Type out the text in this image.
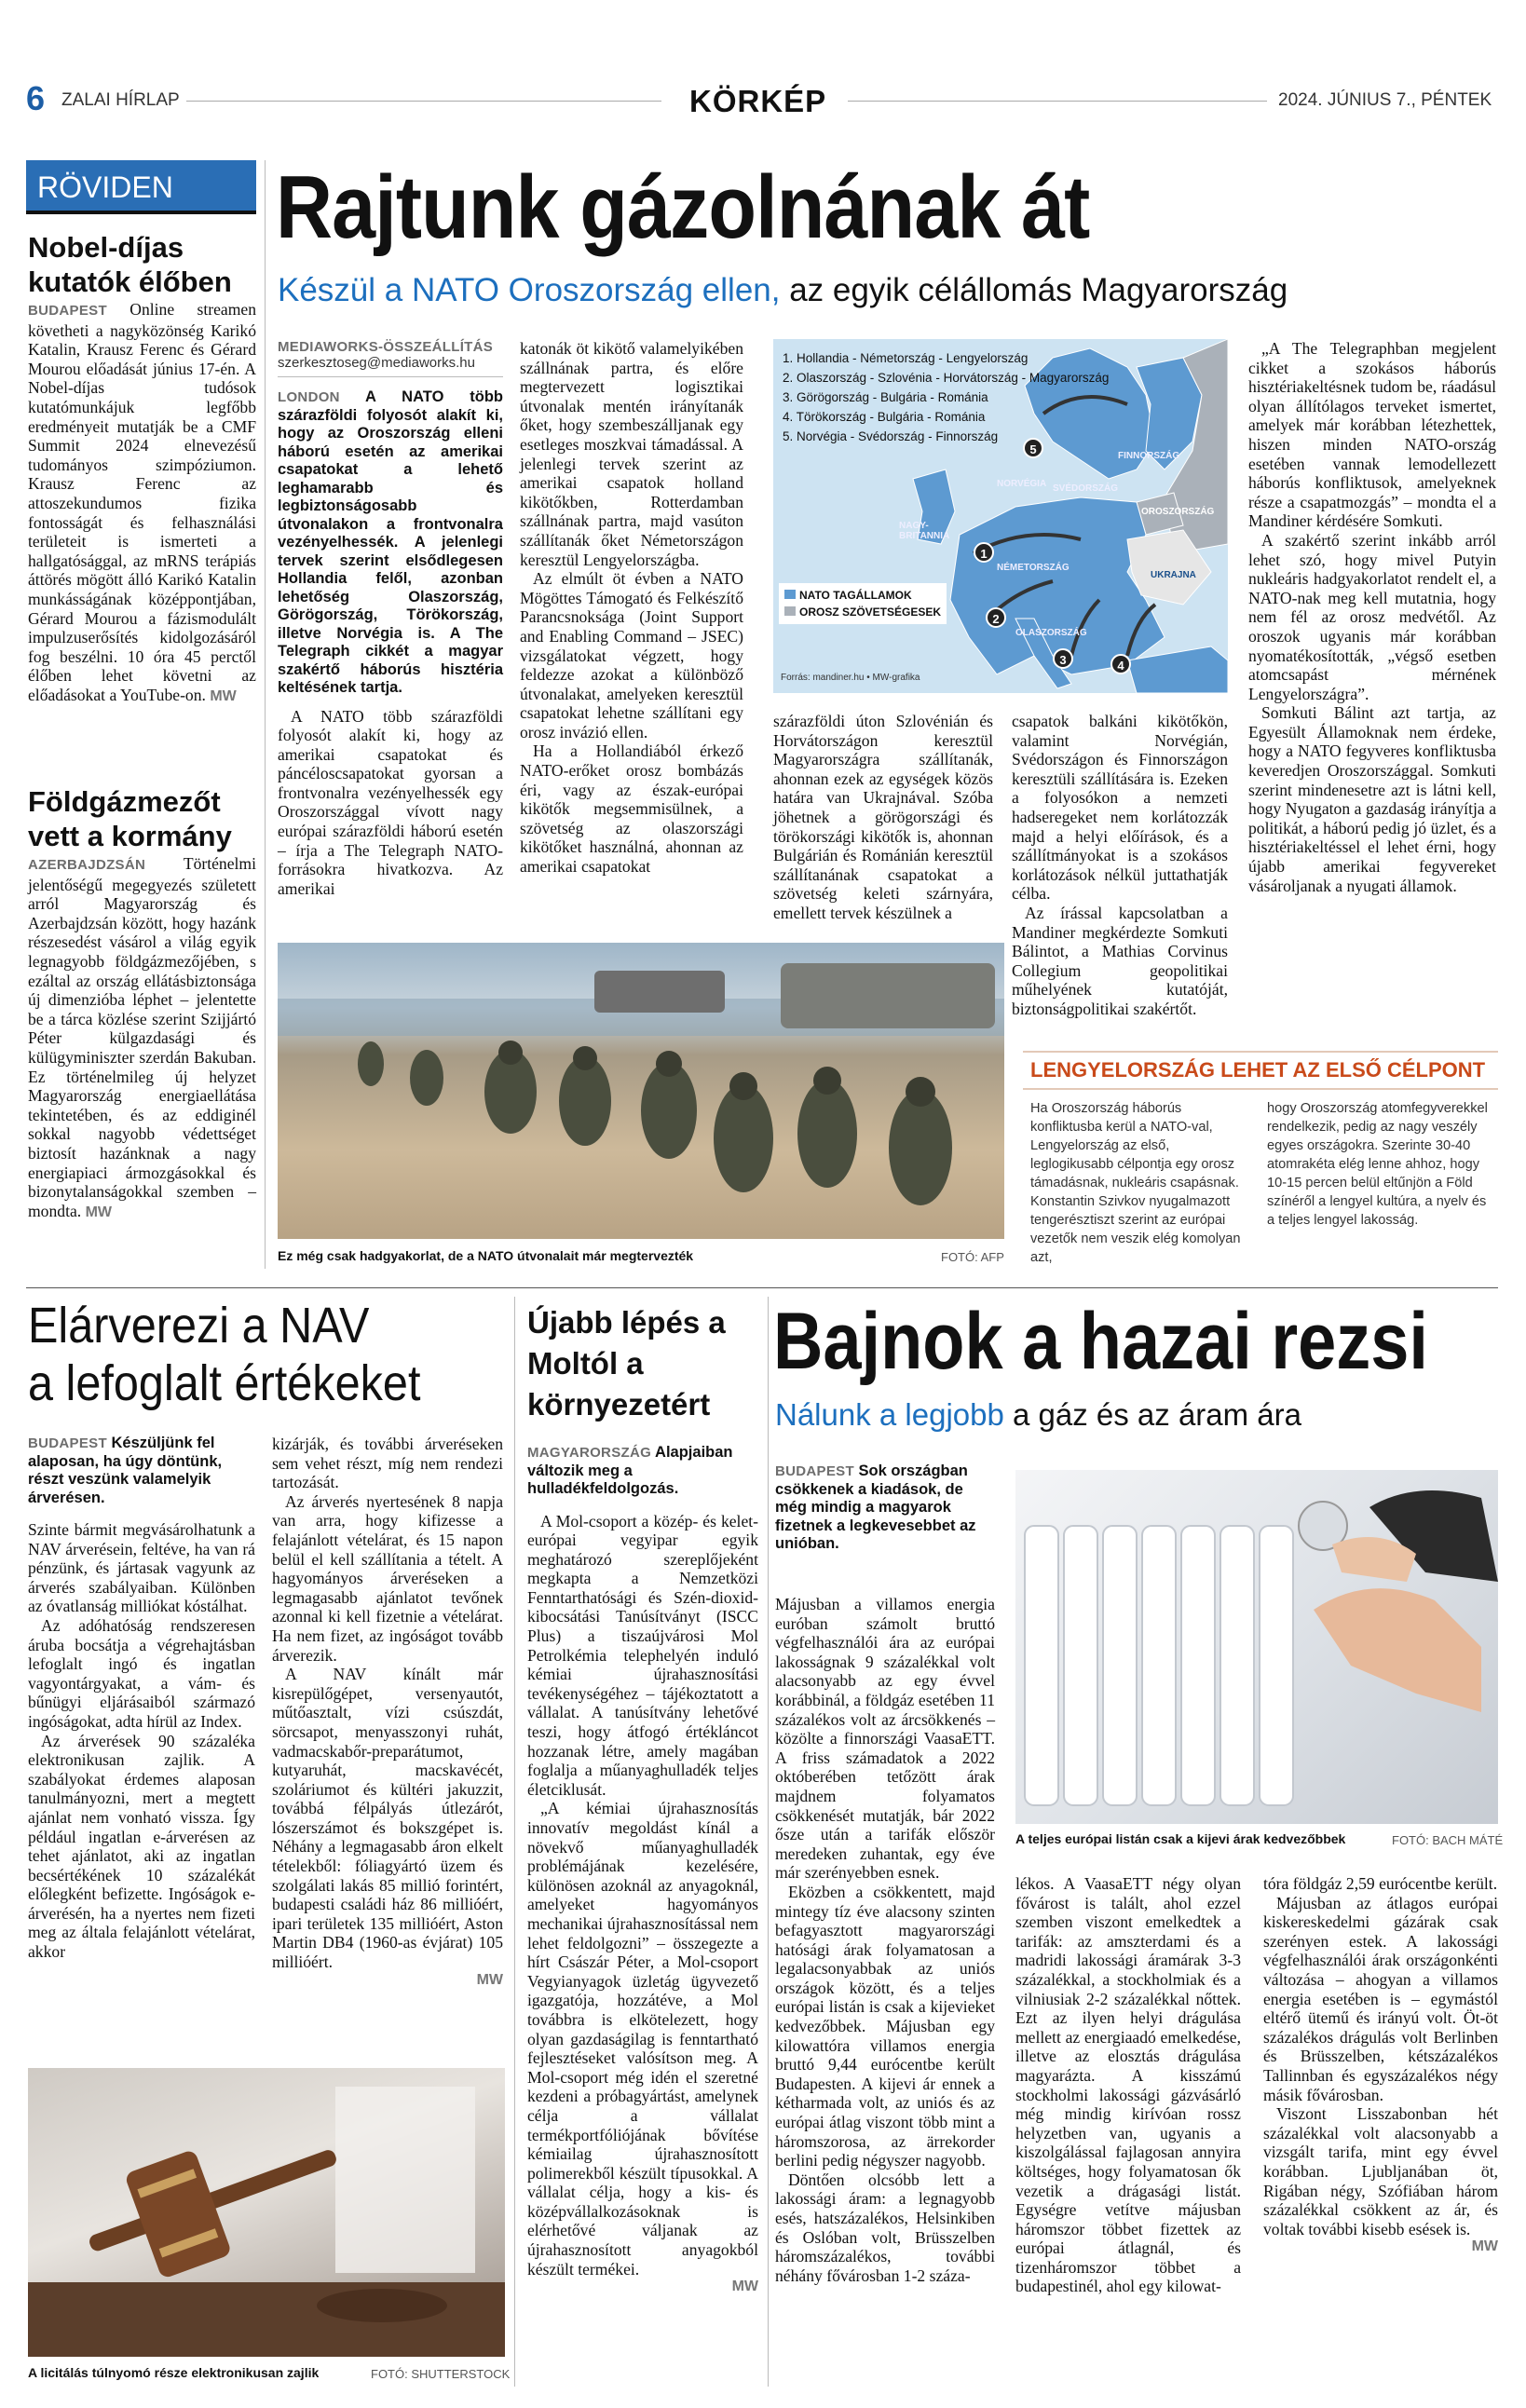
6 ZALAI HÍRLAP	KÖRKÉP	2024. JÚNIUS 7., PÉNTEK
RÖVIDEN
Nobel-díjas kutatók élőben

BUDAPEST Online streamen követheti a nagyközönség Karikó Katalin, Krausz Ferenc és Gérard Mourou előadását június 17-én. A Nobel-díjas tudósok kutatómunkájuk legfőbb eredményeit mutatják be a CMF Summit 2024 elnevezésű tudományos szimpóziumon. Krausz Ferenc az attoszekundumos fizika fontosságát és felhasználási területeit is ismerteti a hallgatósággal, az mRNS terápiás áttörés mögött álló Karikó Katalin munkásságának középpontjában, Gérard Mourou a fázismodulált impulzuserősítés kidolgozásáról fog beszélni. 10 óra 45 perctől élőben lehet követni az előadásokat a YouTube-on. MW

Földgázmezőt vett a kormány

AZERBAJDZSÁN Történelmi jelentőségű megegyezés született arról Magyarország és Azerbajdzsán között, hogy hazánk részesedést vásárol a világ egyik legnagyobb földgázmezőjében, s ezáltal az ország ellátásbiztonsága új dimenzióba léphet – jelentette be a tárca közlése szerint Szijjártó Péter külgazdasági és külügyminiszter szerdán Bakuban. Ez történelmileg új helyzet Magyarország energiaellátása tekintetében, és az eddiginél sokkal nagyobb védettséget biztosít hazánknak a nagy energiapiaci ármozgásokkal és bizonytalanságokkal szemben – mondta. MW

Rajtunk gázolnának át
Készül a NATO Oroszország ellen, az egyik célállomás Magyarország
MEDIAWORKS-ÖSSZEÁLLÍTÁS
szerkesztoseg@mediaworks.hu

LONDON A NATO több szárazföldi folyosót alakít ki, hogy az Oroszország elleni háború esetén az amerikai csapatokat a lehető leghamarabb és legbiztonságosabb útvonalakon a frontvonalra vezényelhessék. A jelenlegi tervek szerint elsődlegesen Hollandia felől, azonban lehetőség Olaszország, Görögország, Törökország, illetve Norvégia is. A The Telegraph cikkét a magyar szakértő háborús hisztéria keltésének tartja.

A NATO több szárazföldi folyosót alakít ki, hogy az amerikai csapatokat és páncéloscsapatokat gyorsan a frontvonalra vezényelhessék egy Oroszországgal vívott nagy európai szárazföldi háború esetén – írja a The Telegraph NATO-forrásokra hivatkozva. Az amerikai

katonák öt kikötő valamelyikében szállnának partra, és előre megtervezett logisztikai útvonalak mentén irányítanák őket, hogy szembeszálljanak egy esetleges moszkvai támadással. A jelenlegi tervek szerint az amerikai csapatok holland kikötőkben, Rotterdamban szállnának partra, majd vasúton szállítanák őket Németországon keresztül Lengyelországba.

Az elmúlt öt évben a NATO Mögöttes Támogató és Felkészítő Parancsnoksága (Joint Support and Enabling Command – JSEC) vizsgálatokat végzett, hogy feldezze azokat a különböző útvonalakat, amelyeken keresztül csapatokat lehetne szállítani egy orosz invázió ellen.

Ha a Hollandiából érkező NATO-erőket orosz bombázás éri, vagy az észak-európai kikötők megsemmisülnek, a szövetség az olaszországi kikötőket használná, ahonnan az amerikai csapatokat

1. Hollandia - Németország - Lengyelország
2. Olaszország - Szlovénia - Horvátország - Magyarország
3. Görögország - Bulgária - Románia
4. Törökország - Bulgária - Románia
5. Norvégia - Svédország - Finnország
FINNORSZÁG
NORVÉGIA SVÉDORSZÁG
OROSZORSZÁG
NAGY-BRITANNIA
NÉMETORSZÁG
UKRAJNA
OLASZORSZÁG
1
2
3	4
5
NATO TAGÁLLAMOK
OROSZ SZÖVETSÉGESEK
Forrás: mandiner.hu • MW-grafika

szárazföldi úton Szlovénián és Horvátországon keresztül Magyarországra szállítanák, ahonnan ezek az egységek közös határa van Ukrajnával. Szóba jöhetnek a görögországi és törökországi kikötők is, ahonnan Bulgárián és Románián keresztül szállítanának csapatokat a szövetség keleti szárnyára, emellett tervek készülnek a

csapatok balkáni kikötőkön, valamint Norvégián, Svédországon és Finnországon keresztüli szállítására is. Ezeken a folyosókon a nemzeti hadseregeket nem korlátozzák majd a helyi előírások, és a szállítmányokat is a szokásos korlátozások nélkül juttathatják célba.

Az írással kapcsolatban a Mandiner megkérdezte Somkuti Bálintot, a Mathias Corvinus Collegium geopolitikai műhelyének kutatóját, biztonságpolitikai szakértőt.

„A The Telegraphban megjelent cikket a szokásos háborús hisztériakeltésnek tudom be, ráadásul olyan állítólagos terveket ismertet, amelyek már korábban létezhettek, hiszen minden NATO-ország esetében vannak lemodellezett háborús konfliktusok, amelyeknek része a csapatmozgás” – mondta el a Mandiner kérdésére Somkuti.

A szakértő szerint inkább arról lehet szó, hogy mivel Putyin nukleáris hadgyakorlatot rendelt el, a NATO-nak meg kell mutatnia, hogy nem fél az orosz medvétől. Az oroszok ugyanis már korábban nyomatékosították, „végső esetben atomcsapást mérnének Lengyelországra”.

Somkuti Bálint azt tartja, az Egyesült Államoknak nem érdeke, hogy a NATO fegyveres konfliktusba keveredjen Oroszországgal. Somkuti szerint mindenesetre azt is látni kell, hogy Nyugaton a gazdaság irányítja a politikát, a háború pedig jó üzlet, és a hisztériakeltéssel el lehet érni, hogy újabb amerikai fegyvereket vásároljanak a nyugati államok.

Ez még csak hadgyakorlat, de a NATO útvonalait már megtervezték	FOTÓ: AFP
LENGYELORSZÁG LEHET AZ ELSŐ CÉLPONT
Ha Oroszország háborús konfliktusba kerül a NATO-val, Lengyelország az első, leglogikusabb célpontja egy orosz támadásnak, nukleáris csapásnak. Konstantin Szivkov nyugalmazott tengerésztiszt szerint az európai vezetők nem veszik elég komolyan azt,
hogy Oroszország atomfegyverekkel rendelkezik, pedig az nagy veszély egyes országokra. Szerinte 30-40 atomrakéta elég lenne ahhoz, hogy 10-15 percen belül eltűnjön a Föld színéről a lengyel kultúra, a nyelv és a teljes lengyel lakosság.
Elárverezi a NAV
a lefoglalt értékeket

BUDAPEST Készüljünk fel alaposan, ha úgy döntünk, részt veszünk valamelyik árverésen.

Szinte bármit megvásárolhatunk a NAV árverésein, feltéve, ha van rá pénzünk, és jártasak vagyunk az árverés szabályaiban. Különben az óvatlanság milliókat kóstálhat.

Az adóhatóság rendszeresen áruba bocsátja a végrehajtásban lefoglalt ingó és ingatlan vagyontárgyakat, a vám- és bűnügyi eljárásaiból származó ingóságokat, adta hírül az Index.

Az árverések 90 százaléka elektronikusan zajlik. A szabályokat érdemes alaposan tanulmányozni, mert a megtett ajánlat nem vonható vissza. Így például ingatlan e-árverésen az tehet ajánlatot, aki az ingatlan becsértékének 10 százalékát előlegként befizette. Ingóságok e-árverésén, ha a nyertes nem fizeti meg az általa felajánlott vételárat, akkor

kizárják, és további árveréseken sem vehet részt, míg nem rendezi tartozását.

Az árverés nyertesének 8 napja van arra, hogy kifizesse a felajánlott vételárat, és 15 napon belül el kell szállítania a tételt. A hagyományos árveréseken a legmagasabb ajánlatot tevőnek azonnal ki kell fizetnie a vételárat. Ha nem fizet, az ingóságot tovább árverezik.

A NAV kínált már kisrepülőgépet, versenyautót, műtőasztalt, vízi csúszdát, sörcsapot, menyasszonyi ruhát, vadmacskabőr-preparátumot, kutyaruhát, macskavécét, szoláriumot és kültéri jakuzzit, továbbá félpályás útlezárót, lószerszámot és bokszgépet is. Néhány a legmagasabb áron elkelt tételekből: fóliagyártó üzem és szolgálati lakás 85 millió forintért, budapesti családi ház 86 millióért, ipari területek 135 millióért, Aston Martin DB4 (1960-as évjárat) 105 millióért.

MW
A licitálás túlnyomó része elektronikusan zajlik	FOTÓ: SHUTTERSTOCK
Újabb lépés a Moltól a környezetért

MAGYARORSZÁG Alapjaiban változik meg a hulladékfeldolgozás.

A Mol-csoport a közép- és kelet-európai vegyipar egyik meghatározó szereplőjeként megkapta a Nemzetközi Fenntarthatósági és Szén-dioxid-kibocsátási Tanúsítványt (ISCC Plus) a tiszaújvárosi Mol Petrolkémia telephelyén induló kémiai újrahasznosítási tevékenységéhez – tájékoztatott a vállalat. A tanúsítvány lehetővé teszi, hogy átfogó értékláncot hozzanak létre, amely magában foglalja a műanyaghulladék teljes életciklusát.

„A kémiai újrahasznosítás innovatív megoldást kínál a növekvő műanyaghulladék problémájának kezelésére, különösen azoknál az anyagoknál, amelyeket hagyományos mechanikai újrahasznosítással nem lehet feldolgozni” – összegezte a hírt Császár Péter, a Mol-csoport Vegyianyagok üzletág ügyvezető igazgatója, hozzátéve, a Mol továbbra is elkötelezett, hogy olyan gazdaságilag is fenntartható fejlesztéseket valósítson meg. A Mol-csoport még idén el szeretné kezdeni a próbagyártást, amelynek célja a vállalat termékportfóliójának bővítése kémiailag újrahasznosított polimerekből készült típusokkal. A vállalat célja, hogy a kis- és középvállalkozásoknak is elérhetővé váljanak az újrahasznosított anyagokból készült termékei.

MW
Bajnok a hazai rezsi
Nálunk a legjobb a gáz és az áram ára

BUDAPEST Sok országban csökkenek a kiadások, de még mindig a magyarok fizetnek a legkevesebbet az unióban.

A teljes európai listán csak a kijevi árak kedvezőbbek	FOTÓ: BACH MÁTÉ

Májusban a villamos energia euróban számolt bruttó végfelhasználói ára az európai lakosságnak 9 százalékkal volt alacsonyabb az egy évvel korábbinál, a földgáz esetében 11 százalékos volt az árcsökkenés – közölte a finnországi VaasaETT. A friss számadatok a 2022 októberében tetőzött árak majdnem folyamatos csökkenését mutatják, bár 2022 ősze után a tarifák először meredeken zuhantak, egy éve már szerényebben esnek.

Eközben a csökkentett, majd mintegy tíz éve alacsony szinten befagyasztott magyarországi hatósági árak folyamatosan a legalacsonyabbak az uniós országok között, és a teljes európai listán is csak a kijevieket kedvezőbbek. Májusban egy kilowattóra villamos energia bruttó 9,44 eurócentbe került Budapesten. A kijevi ár ennek a kétharmada volt, az uniós és az európai átlag viszont több mint a háromszorosa, az ärrekorder berlini pedig négyszer nagyobb.

Döntően olcsóbb lett a lakossági áram: a legnagyobb esés, hatszázalékos, Helsinkiben és Oslóban volt, Brüsszelben háromszázalékos, további néhány fővárosban 1-2 száza-

lékos. A VaasaETT négy olyan fővárost is talált, ahol ezzel szemben viszont emelkedtek a tarifák: az amszterdami és a madridi lakossági áramárak 3-3 százalékkal, a stockholmiak és a vilniusiak 2-2 százalékkal nőttek. Ezt az ilyen helyi drágulása mellett az energiaadó emelkedése, illetve az elosztás drágulása magyarázta. A kisszámú stockholmi lakossági gázvásárló még mindig kirívóan rossz helyzetben van, ugyanis a kiszolgálással fajlagosan annyira költséges, hogy folyamatosan ők vezetik a drágasági listát. Egységre vetítve májusban háromszor többet fizettek az európai átlagnál, és tizenháromszor többet a budapestinél, ahol egy kilowat-

tóra földgáz 2,59 eurócentbe került.

Májusban az átlagos európai kiskereskedelmi gázárak csak szerényen estek. A lakossági végfelhasználói árak országonkénti változása – ahogyan a villamos energia esetében is – egymástól eltérő ütemű és irányú volt. Öt-öt százalékos drágulás volt Berlinben és Brüsszelben, kétszázalékos Tallinnban és egyszázalékos négy másik fővárosban.

Viszont Lisszabonban hét százalékkal volt alacsonyabb a vizsgált tarifa, mint egy évvel korábban. Ljubljanában öt, Rigában négy, Szófiában három százalékkal csökkent az ár, és voltak további kisebb esések is.

MW
